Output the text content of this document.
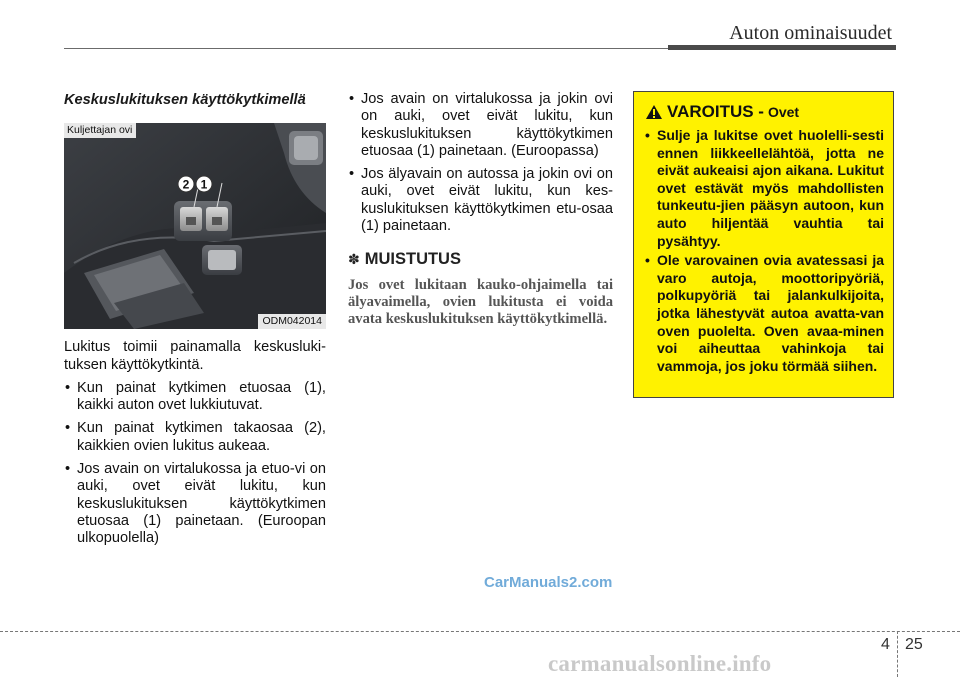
Auton ominaisuudet
Keskuslukituksen käyttökytkimellä
2 1
Kuljettajan ovi
ODM042014

Lukitus toimii painamalla keskusluki-tuksen käyttökytkintä.

• Kun painat kytkimen etuosaa (1), kaikki auton ovet lukkiutuvat.
• Kun painat kytkimen takaosaa (2), kaikkien ovien lukitus aukeaa.
• Jos avain on virtalukossa ja etuo-vi on auki, ovet eivät lukitu, kun keskuslukituksen käyttökytkimen etuosaa (1) painetaan. (Euroopan ulkopuolella)
• Jos avain on virtalukossa ja jokin ovi on auki, ovet eivät lukitu, kun keskuslukituksen käyttökytkimen etuosaa (1) painetaan. (Euroopassa)
• Jos älyavain on autossa ja jokin ovi on auki, ovet eivät lukitu, kun kes-kuslukituksen käyttökytkimen etu-osaa (1) painetaan.
✽ MUISTUTUS
Jos ovet lukitaan kauko-ohjaimella tai älyavaimella, ovien lukitusta ei voida avata keskuslukituksen käyttökytkimellä.
VAROITUS - Ovet
• Sulje ja lukitse ovet huolelli-sesti ennen liikkeellelähtöä, jotta ne eivät aukeaisi ajon aikana. Lukitut ovet estävät myös mahdollisten tunkeutu-jien pääsyn autoon, kun auto hiljentää vauhtia tai pysähtyy.
• Ole varovainen ovia avatessasi ja varo autoja, moottoripyöriä, polkupyöriä tai jalankulkijoita, jotka lähestyvät autoa avatta-van oven puolelta. Oven avaa-minen voi aiheuttaa vahinkoja tai vammoja, jos joku törmää siihen.
CarManuals2.com
4 25
carmanualsonline.info
